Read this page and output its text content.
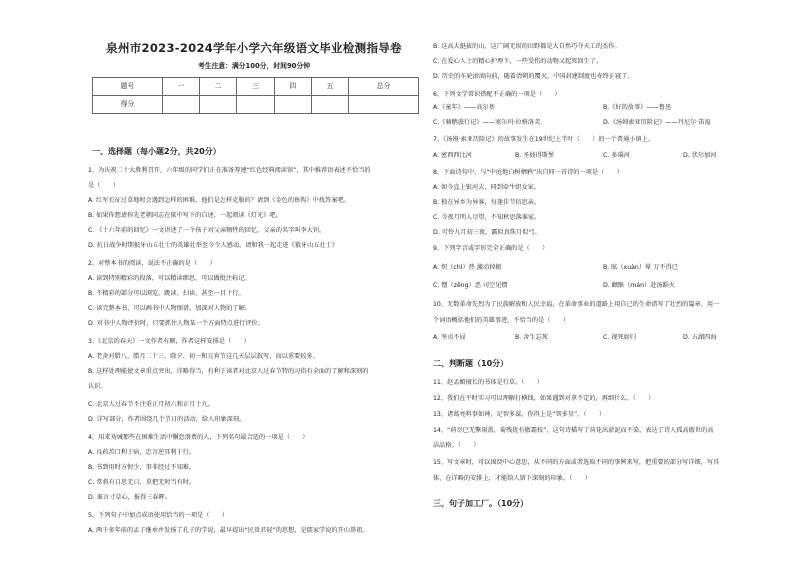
泉州市2023-2024学年小学六年级语文毕业检测指导卷
考生注意：满分100分，时间90分钟
题号	一	二	三	四	五	总分
得分						
一、选择题（每小题2分，共20分）
1、为庆祝二十大胜利召开，六年级的同学们正在准备筹建“红色经典阅读馆”，其中推荐语表述不恰当的
是（　　）
A. 红军长征过草地时会遇到怎样的困难，他们是怎样克服的？请到《金色的鱼钩》中找答案吧。
B. 如果你想请你先老朝同志在狱中写下的自述，一起阅读《灯光》吧。
C. 《十六年前的回忆》一文讲述了一个孩子对父亲牺牲的回忆，父亲的名字叫李大钊。
D. 抗日战争时期狼牙山五壮士的英雄壮举至今令人感动，请和我一起走进《狼牙山五壮士》
2、对整本书的阅读，说法不正确的是（　　）
A. 读到特别精彩的段落，可以精读细思，可以做批注标记。
B. 不精彩的部分可以浏览，跳读、扫读，甚至一目十行。
C. 读完整本书，可以画书中人物图谱，加深对人物的了解。
D. 对书中人物评价时，只要抓住人物某一个方面特点进行评价。
3、《北京的春天》一文作者有顺，作者这样安排是（　　）
A. 老舍对腊八、腊月二十三、除夕、初一和元宵节这几天层层叙写，而以重要较多。
B. 这样处理能使文章重点突出，详略得当，有利于读者对北京人过春节特的习俗有全面的了解和深刻的
认识。
C. 北京人过春节不注重正月初六和正月十九。
D. 详写部分，作者围绕几个节日的活动，给人印象深刻。
4、用来劝诫那些在困难生活中懈怠浪费的人，下列名句最合适的一项是（　　）
A. 良药苦口利于病，忠言逆耳利于行。
B. 书到用时方恨少，事非经过不知难。
C. 常将有日思无日，莫把无时当有时。
D. 谁言寸草心，报得三春晖。
5、下列句子中加点成语使用恰当的一项是（　　）
A. 两千多年前的孟子继承并发扬了孔子的学说，最早提出“民贵君轻”的思想，是儒家学说的开山鼻祖。
B. 这高大挺拔的山，这广阔无垠的田野都是大自然巧夺天工的杰作。
C. 在爱心人士的精心护理下，一些受伤的动物又起死回生了。
D. 历史的车轮滚滚向前，随着清朝的覆灭，中国封建制度也寿终正寝了。
6、下列文学常识搭配不正确的一项是（　　）
A.《童年》——高尔基	B.《好的故事》——鲁迅
C.《骑鹅旅行记》——塞尔玛·拉格洛芙	D.《汤姆索亚历险记》——丹尼尔·笛福
7、《汤姆·索亚历险记》的故事发生在19世纪上半叶（　　）的一个普通小镇上。
A. 密西西比河	B. 圣彼得斯堡	C. 多瑙河	D. 伏尔加河
8、下面诗句中，与“中庭地白树栖鸦”出自同一首诗的一项是（　　）
A. 如今直上银河去，同到牵牛织女家。
B. 独在异乡为异客，每逢佳节倍思亲。
C. 今夜月明人尽望，不知秋思落谁家。
D. 可怜九月初三夜，露似真珠月似弓。
9、下列字音或字形完全正确的是（　　）
A. 炽（chì）热 激动掉振	B. 眩（xuàn）晕 万不得已
C. 憎（zēng）恶 司空见惯	D. 颧骸（mán）赴汤蹈火
10、无数革命先烈为了民族解放和人民幸福，在革命事业的道路上用自己的生命谱写了壮烈的篇章。用一
个词语概括他们的英雄事迹，不恰当的是（　　）
A. 坚贞不屈	B. 舍生忘死	C. 视死如归	D. 五湖四海
二、判断题（10分）
11、赵孟頫擅长的书体是行草。（　　）
12、我们在平时实习可以理解打横线，如果遇到对拿不定的，再细什么。（　　）
13、诸葛亮料事如神，足智多谋，你得上是“智多星”。（　　）
14、“荷尽已无擎雨盖，菊残犹有傲霜枝”，这句诗描写了荷花出淤泥而不染，表达了诗人孤高傲世的高
洁品格。（　　）
15、写文章时，可以围绕中心意思，从不同的方面或者选取不同的事例来写，把重要的部分写详细，写具
体，在详略的安排上，才能给人留下深刻的印象。（　　）
三、句子加工厂。（10分）
